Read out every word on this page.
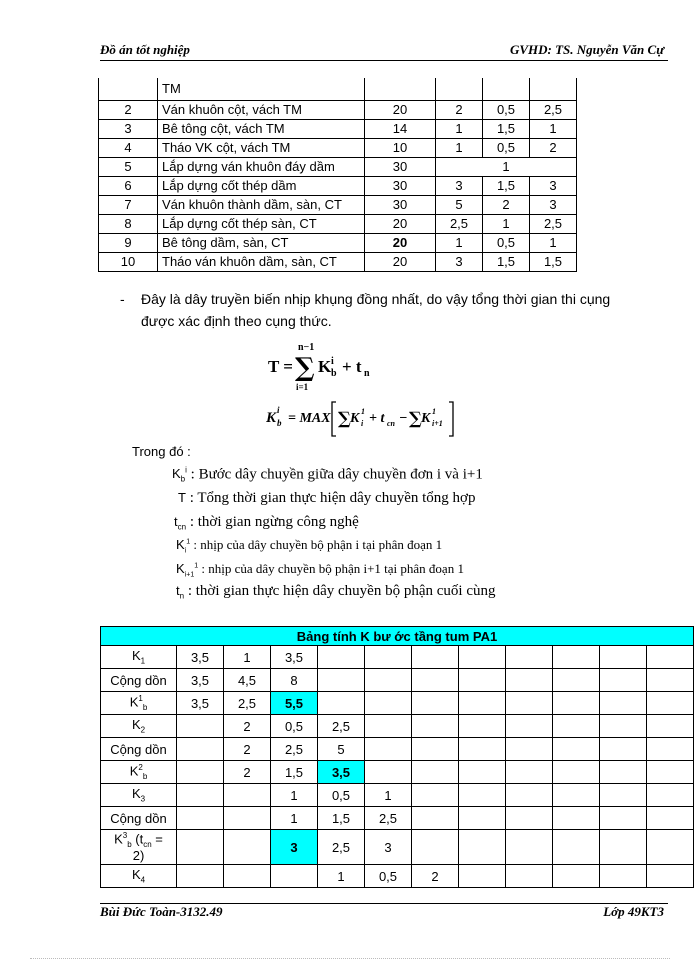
Đồ án tốt nghiệp	GVHD: TS. Nguyễn Văn Cự
	TM				
2	Ván khuôn cột, vách TM	20	2	0,5	2,5
3	Bê tông cột, vách TM	14	1	1,5	1
4	Tháo VK cột, vách TM	10	1	0,5	2
5	Lắp dựng ván khuôn đáy dầm	30	1		
6	Lắp dựng cốt thép dầm	30	3	1,5	3
7	Ván khuôn thành dầm, sàn, CT	30	5	2	3
8	Lắp dựng cốt thép sàn, CT	20	2,5	1	2,5
9	Bê tông dầm, sàn, CT	20	1	0,5	1
10	Tháo ván khuôn dầm, sàn, CT	20	3	1,5	1,5
- Đây là dây truyền biến nhịp khụng đồng nhất, do vậy tổng thời gian thi cụng được xác định theo cụng thức.
n−1
T = ∑
i=1
K i
b + t n
K i
b = MAX ∑ K 1
i + t cn − ∑ K 1
i+1
Trong đó :
$K_b^i$ : Bước dây chuyền giữa dây chuyền đơn i và i+1
T : Tổng thời gian thực hiện dây chuyền tổng hợp
$t_{cn}$ : thời gian ngừng công nghệ
$K_i^1$ : nhịp của dây chuyền bộ phận i tại phân đoạn 1
$K_{i+1}^1$ : nhịp của dây chuyền bộ phận i+1 tại phân đoạn 1
$t_n$ : thời gian thực hiện dây chuyền bộ phận cuối cùng
Bảng tính K bư ớc tầng tum PA1											
$K_1$	3,5	1	3,5								
Cộng dồn	3,5	4,5	8								
$K^1_b$	3,5	2,5	5,5								
$K_2$		2	0,5	2,5							
Cộng dồn		2	2,5	5							
$K^2_b$		2	1,5	3,5							
$K_3$			1	0,5	1						
Cộng dồn			1	1,5	2,5						
$K^3_b$ ($t_{cn}$ =
2)			3	2,5	3						
$K_4$				1	0,5	2					
Bùi Đức Toàn-3132.49	Lớp 49KT3
